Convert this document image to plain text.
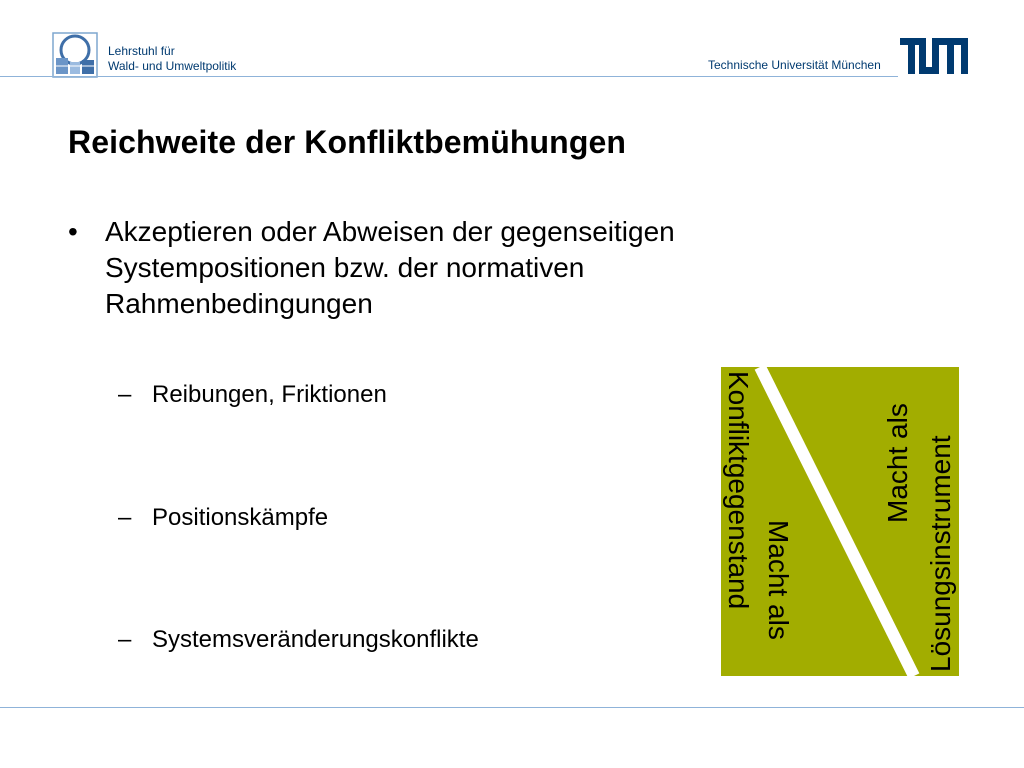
Lehrstuhl für
Wald- und Umweltpolitik	Technische Universität München
Reichweite der Konfliktbemühungen
• Akzeptieren oder Abweisen der gegenseitigen Systempositionen bzw. der normativen Rahmenbedingungen
– Reibungen, Friktionen
– Positionskämpfe
– Systemsveränderungskonflikte	Macht als
Konfliktgegenstand	Macht als Lösungsinstrument
